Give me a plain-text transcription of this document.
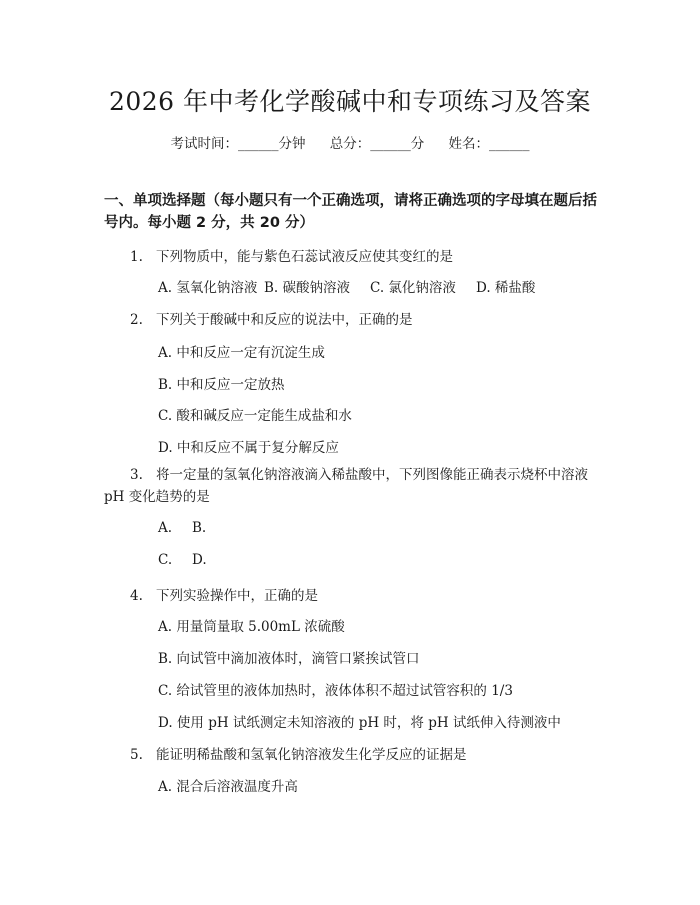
2026 年中考化学酸碱中和专项练习及答案
考试时间：______分钟 总分：______分 姓名：______
一、单项选择题（每小题只有一个正确选项，请将正确选项的字母填在题后括号内。每小题 2 分，共 20 分）
1. 下列物质中，能与紫色石蕊试液反应使其变红的是
A. 氢氧化钠溶液 B. 碳酸钠溶液 C. 氯化钠溶液 D. 稀盐酸
2. 下列关于酸碱中和反应的说法中，正确的是
A. 中和反应一定有沉淀生成
B. 中和反应一定放热
C. 酸和碱反应一定能生成盐和水
D. 中和反应不属于复分解反应
3. 将一定量的氢氧化钠溶液滴入稀盐酸中，下列图像能正确表示烧杯中溶液 pH 变化趋势的是
A. B.
C. D.
4. 下列实验操作中，正确的是
A. 用量筒量取 5.00mL 浓硫酸
B. 向试管中滴加液体时，滴管口紧挨试管口
C. 给试管里的液体加热时，液体体积不超过试管容积的 1/3
D. 使用 pH 试纸测定未知溶液的 pH 时，将 pH 试纸伸入待测液中
5. 能证明稀盐酸和氢氧化钠溶液发生化学反应的证据是
A. 混合后溶液温度升高
